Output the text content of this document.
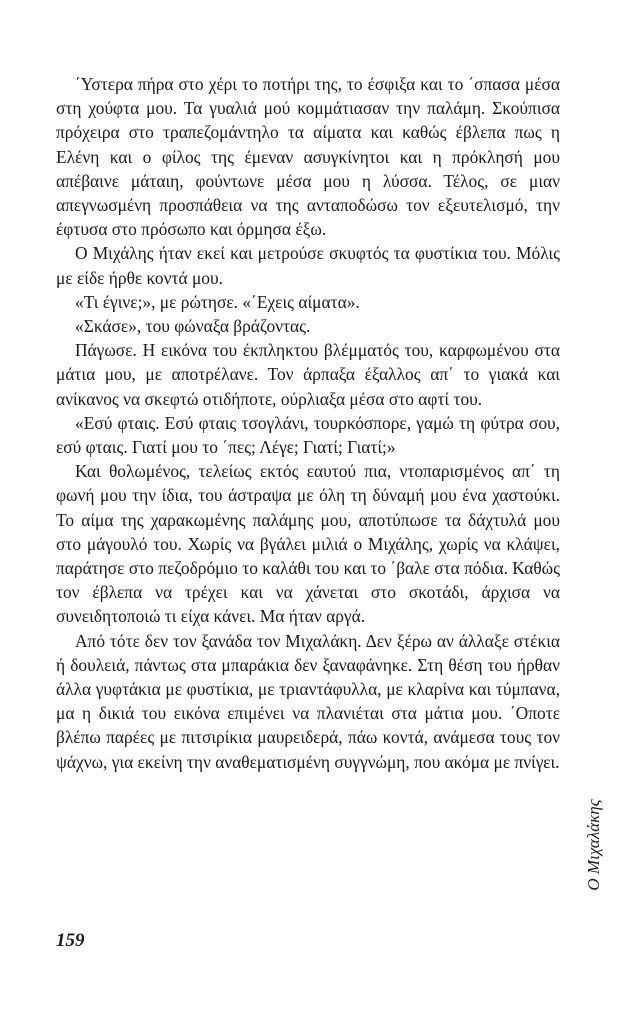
΄Υστερα πήρα στο χέρι το ποτήρι της, το έσφιξα και το ΄σπασα μέσα στη χούφτα μου. Τα γυαλιά μού κομμάτιασαν την παλάμη. Σκούπισα πρόχειρα στο τραπεζομάντηλο τα αίματα και καθώς έβλεπα πως η Ελένη και ο φίλος της έμεναν ασυγκίνητοι και η πρόκλησή μου απέβαινε μάταιη, φούντωνε μέσα μου η λύσσα. Τέλος, σε μιαν απεγνωσμένη προσπάθεια να της ανταποδώσω τον εξευτελισμό, την έφτυσα στο πρόσωπο και όρμησα έξω.

Ο Μιχάλης ήταν εκεί και μετρούσε σκυφτός τα φυστίκια του. Μόλις με είδε ήρθε κοντά μου.

«Τι έγινε;», με ρώτησε. «΄Εχεις αίματα».

«Σκάσε», του φώναξα βράζοντας.

Πάγωσε. Η εικόνα του έκπληκτου βλέμματός του, καρφωμένου στα μάτια μου, με αποτρέλανε. Τον άρπαξα έξαλλος απ΄ το γιακά και ανίκανος να σκεφτώ οτιδήποτε, ούρλιαξα μέσα στο αφτί του.

«Εσύ φταις. Εσύ φταις τσογλάνι, τουρκόσπορε, γαμώ τη φύτρα σου, εσύ φταις. Γιατί μου το ΄πες; Λέγε; Γιατί; Γιατί;»

Και θολωμένος, τελείως εκτός εαυτού πια, ντοπαρισμένος απ΄ τη φωνή μου την ίδια, του άστραψα με όλη τη δύναμή μου ένα χαστούκι. Το αίμα της χαρακωμένης παλάμης μου, αποτύπωσε τα δάχτυλά μου στο μάγουλό του. Χωρίς να βγάλει μιλιά ο Μιχάλης, χωρίς να κλάψει, παράτησε στο πεζοδρόμιο το καλάθι του και το ΄βαλε στα πόδια. Καθώς τον έβλεπα να τρέχει και να χάνεται στο σκοτάδι, άρχισα να συνειδητοποιώ τι είχα κάνει. Μα ήταν αργά.

Από τότε δεν τον ξανάδα τον Μιχαλάκη. Δεν ξέρω αν άλλαξε στέκια ή δουλειά, πάντως στα μπαράκια δεν ξαναφάνηκε. Στη θέση του ήρθαν άλλα γυφτάκια με φυστίκια, με τριαντάφυλλα, με κλαρίνα και τύμπανα, μα η δικιά του εικόνα επιμένει να πλανιέται στα μάτια μου. ΄Οποτε βλέπω παρέες με πιτσιρίκια μαυρειδερά, πάω κοντά, ανάμεσα τους τον ψάχνω, για εκείνη την αναθεματισμένη συγγνώμη, που ακόμα με πνίγει.

Ο Μιχαλάκης
159
